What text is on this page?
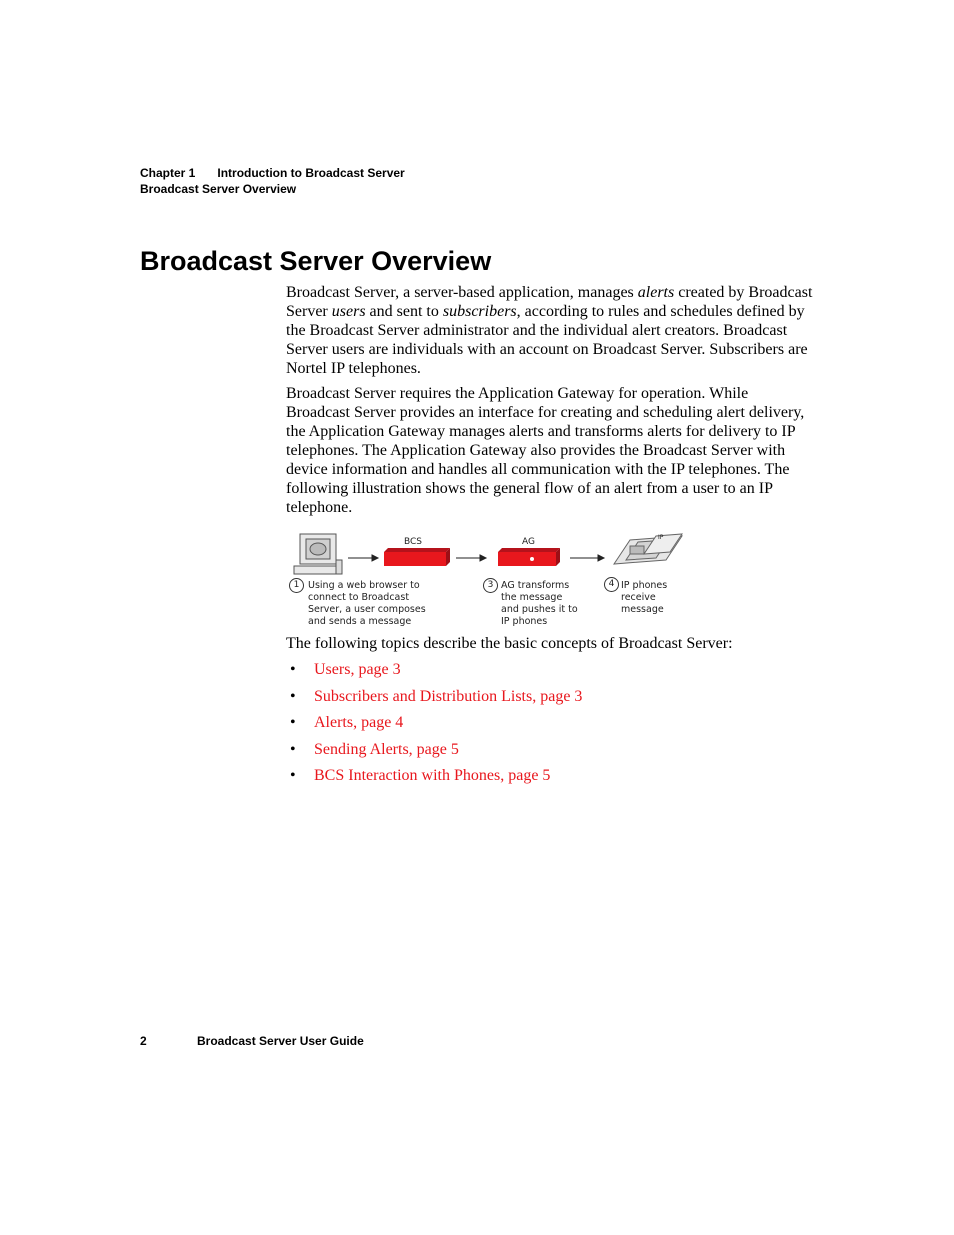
Chapter 1 Introduction to Broadcast Server
Broadcast Server Overview
Broadcast Server Overview

Broadcast Server, a server-based application, manages alerts created by Broadcast Server users and sent to subscribers, according to rules and schedules defined by the Broadcast Server administrator and the individual alert creators. Broadcast Server users are individuals with an account on Broadcast Server. Subscribers are Nortel IP telephones.

Broadcast Server requires the Application Gateway for operation. While Broadcast Server provides an interface for creating and scheduling alert delivery, the Application Gateway manages alerts and transforms alerts for delivery to IP telephones. The Application Gateway also provides the Broadcast Server with device information and handles all communication with the IP telephones. The following illustration shows the general flow of an alert from a user to an IP telephone.

BCS	AG	IP
1 Using a web browser to
connect to Broadcast
Server, a user composes
and sends a message
3 AG transforms
the message
and pushes it to
IP phones
4 IP phones
receive
message

The following topics describe the basic concepts of Broadcast Server:

• Users, page 3
• Subscribers and Distribution Lists, page 3
• Alerts, page 4
• Sending Alerts, page 5
• BCS Interaction with Phones, page 5
2	Broadcast Server User Guide
